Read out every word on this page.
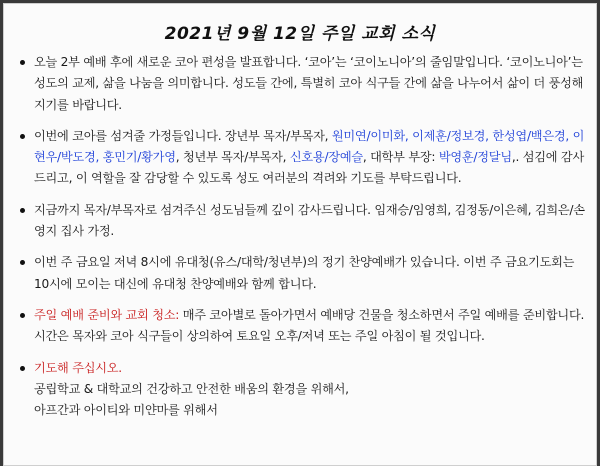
2021년 9월 12일 주일 교회 소식
오늘 2부 예배 후에 새로운 코아 편성을 발표합니다. ‘코아’는 ‘코이노니아’의 줄임말입니다. ‘코이노니아’는 성도의 교제, 삶을 나눔을 의미합니다. 성도들 간에, 특별히 코아 식구들 간에 삶을 나누어서 삶이 더 풍성해지기를 바랍니다.
이번에 코아를 섬겨줄 가정들입니다. 장년부 목자/부목자, 원미연/이미화, 이제훈/정보경, 한성엽/백은경, 이현우/박도경, 홍민기/황가영, 청년부 목자/부목자, 신호용/장예슬, 대학부 부장: 박영훈/정달님,. 섬김에 감사드리고, 이 역할을 잘 감당할 수 있도록 성도 여러분의 격려와 기도를 부탁드립니다.
지금까지 목자/부목자로 섬겨주신 성도님들께 깊이 감사드립니다. 임재승/임영희, 김정동/이은혜, 김희은/손영지 집사 가정.
이번 주 금요일 저녁 8시에 유대청(유스/대학/청년부)의 정기 찬양예배가 있습니다. 이번 주 금요기도회는 10시에 모이는 대신에 유대청 찬양예배와 함께 합니다.
주일 예배 준비와 교회 청소: 매주 코아별로 돌아가면서 예배당 건물을 청소하면서 주일 예배를 준비합니다. 시간은 목자와 코아 식구들이 상의하여 토요일 오후/저녁 또는 주일 아침이 될 것입니다.
기도해 주십시오.
공립학교 & 대학교의 건강하고 안전한 배움의 환경을 위해서,
아프간과 아이티와 미얀마를 위해서
